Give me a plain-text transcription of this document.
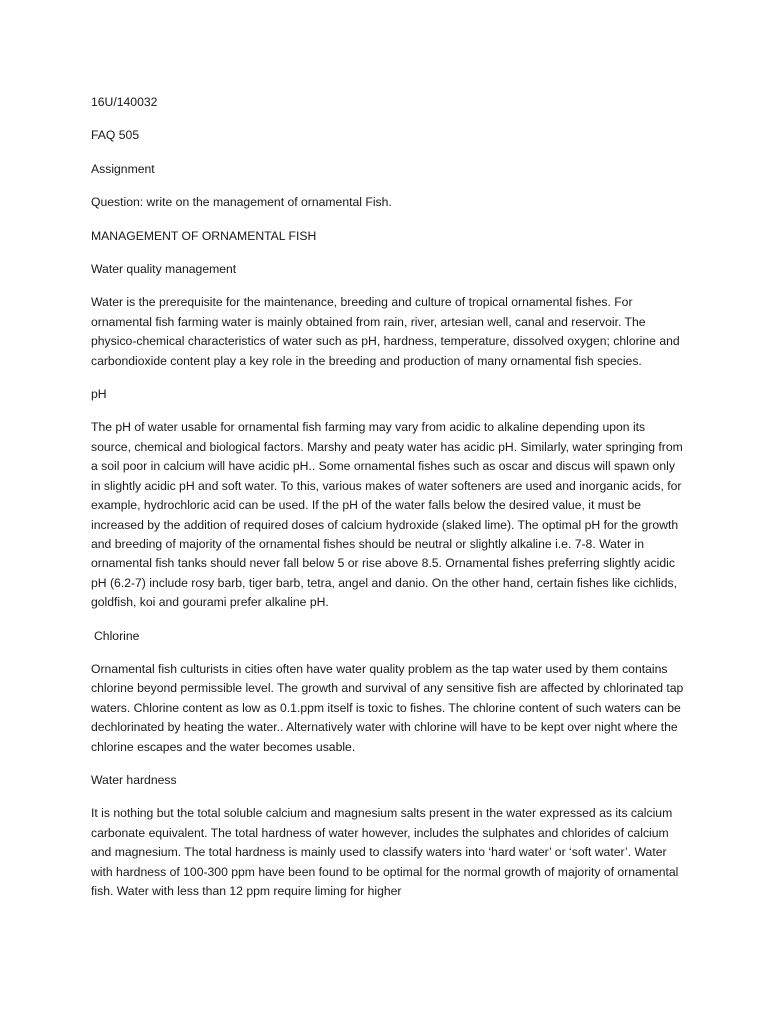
16U/140032
FAQ 505
Assignment
Question: write on the management of ornamental Fish.
MANAGEMENT OF ORNAMENTAL FISH
Water quality management
Water is the prerequisite for the maintenance, breeding and culture of tropical ornamental fishes. For ornamental fish farming water is mainly obtained from rain, river, artesian well, canal and reservoir. The physico-chemical characteristics of water such as pH, hardness, temperature, dissolved oxygen; chlorine and carbondioxide content play a key role in the breeding and production of many ornamental fish species.
pH
The pH of water usable for ornamental fish farming may vary from acidic to alkaline depending upon its source, chemical and biological factors. Marshy and peaty water has acidic pH. Similarly, water springing from a soil poor in calcium will have acidic pH.. Some ornamental fishes such as oscar and discus will spawn only in slightly acidic pH and soft water. To this, various makes of water softeners are used and inorganic acids, for example, hydrochloric acid can be used. If the pH of the water falls below the desired value, it must be increased by the addition of required doses of calcium hydroxide (slaked lime). The optimal pH for the growth and breeding of majority of the ornamental fishes should be neutral or slightly alkaline i.e. 7-8. Water in ornamental fish tanks should never fall below 5 or rise above 8.5. Ornamental fishes preferring slightly acidic pH (6.2-7) include rosy barb, tiger barb, tetra, angel and danio. On the other hand, certain fishes like cichlids, goldfish, koi and gourami prefer alkaline pH.
Chlorine
Ornamental fish culturists in cities often have water quality problem as the tap water used by them contains chlorine beyond permissible level. The growth and survival of any sensitive fish are affected by chlorinated tap waters. Chlorine content as low as 0.1.ppm itself is toxic to fishes. The chlorine content of such waters can be dechlorinated by heating the water.. Alternatively water with chlorine will have to be kept over night where the chlorine escapes and the water becomes usable.
Water hardness
It is nothing but the total soluble calcium and magnesium salts present in the water expressed as its calcium carbonate equivalent. The total hardness of water however, includes the sulphates and chlorides of calcium and magnesium. The total hardness is mainly used to classify waters into ‘hard water’ or ‘soft water’. Water with hardness of 100-300 ppm have been found to be optimal for the normal growth of majority of ornamental fish. Water with less than 12 ppm require liming for higher
